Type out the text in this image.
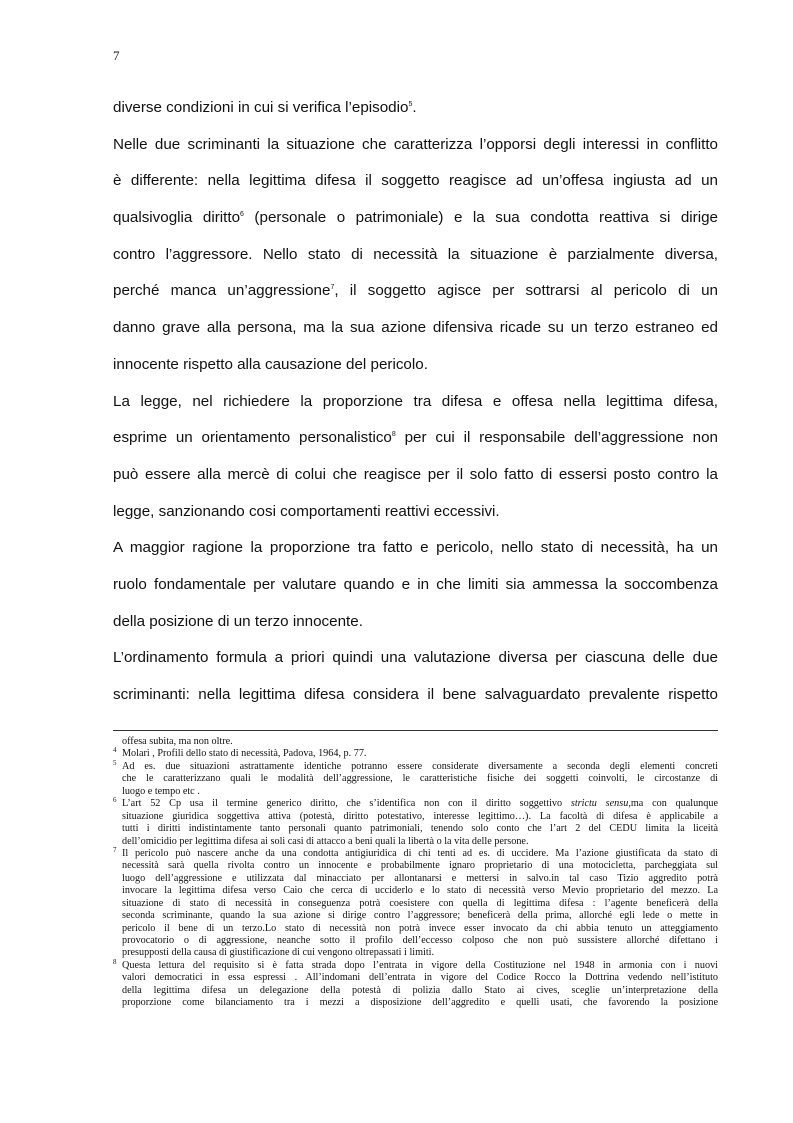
7
diverse condizioni in cui si verifica l’episodio$^5$.
Nelle due scriminanti la situazione che caratterizza l’opporsi degli interessi in conflitto
è differente: nella legittima difesa il soggetto reagisce ad un’offesa ingiusta ad un
qualsivoglia diritto$^6$ (personale o patrimoniale) e la sua condotta reattiva si dirige
contro l’aggressore. Nello stato di necessità la situazione è parzialmente diversa,
perché manca un’aggressione$^7$, il soggetto agisce per sottrarsi al pericolo di un
danno grave alla persona, ma la sua azione difensiva ricade su un terzo estraneo ed
innocente rispetto alla causazione del pericolo.
La legge, nel richiedere la proporzione tra difesa e offesa nella legittima difesa,
esprime un orientamento personalistico$^8$ per cui il responsabile dell’aggressione non
può essere alla mercè di colui che reagisce per il solo fatto di essersi posto contro la
legge, sanzionando cosi comportamenti reattivi eccessivi.
A maggior ragione la proporzione tra fatto e pericolo, nello stato di necessità, ha un
ruolo fondamentale per valutare quando e in che limiti sia ammessa la soccombenza
della posizione di un terzo innocente.
L’ordinamento formula a priori quindi una valutazione diversa per ciascuna delle due
scriminanti: nella legittima difesa considera il bene salvaguardato prevalente rispetto
offesa subita, ma non oltre.
4 Molari , Profili dello stato di necessità, Padova, 1964, p. 77.
5 Ad es. due situazioni astrattamente identiche potranno essere considerate diversamente a seconda degli elementi concreti
che le caratterizzano quali le modalità dell’aggressione, le caratteristiche fisiche dei soggetti coinvolti, le circostanze di
luogo e tempo etc .
6 L’art 52 Cp usa il termine generico diritto, che s’identifica non con il diritto soggettivo strictu sensu,ma con qualunque
situazione giuridica soggettiva attiva (potestà, diritto potestativo, interesse legittimo…). La facoltà di difesa è applicabile a
tutti i diritti indistintamente tanto personali quanto patrimoniali, tenendo solo conto che l’art 2 del CEDU limita la liceità
dell’omicidio per legittima difesa ai soli casi di attacco a beni quali la libertà o la vita delle persone.
7 Il pericolo può nascere anche da una condotta antigiuridica di chi tenti ad es. di uccidere. Ma l’azione giustificata da stato di
necessità sarà quella rivolta contro un innocente e probabilmente ignaro proprietario di una motocicletta, parcheggiata sul
luogo dell’aggressione e utilizzata dal minacciato per allontanarsi e mettersi in salvo.in tal caso Tizio aggredito potrà
invocare la legittima difesa verso Caio che cerca di ucciderlo e lo stato di necessità verso Mevio proprietario del mezzo. La
situazione di stato di necessità in conseguenza potrà coesistere con quella di legittima difesa : l’agente beneficerà della
seconda scriminante, quando la sua azione si dirige contro l’aggressore; beneficerà della prima, allorché egli lede o mette in
pericolo il bene di un terzo.Lo stato di necessità non potrà invece esser invocato da chi abbia tenuto un atteggiamento
provocatorio o di aggressione, neanche sotto il profilo dell’eccesso colposo che non può sussistere allorché difettano i
presupposti della causa di giustificazione di cui vengono oltrepassati i limiti.
8 Questa lettura del requisito si è fatta strada dopo l’entrata in vigore della Costituzione nel 1948 in armonia con i nuovi
valori democratici in essa espressi . All’indomani dell’entrata in vigore del Codice Rocco la Dottrina vedendo nell’istituto
della legittima difesa un delegazione della potestà di polizia dallo Stato ai cives, sceglie un’interpretazione della
proporzione come bilanciamento tra i mezzi a disposizione dell’aggredito e quelli usati, che favorendo la posizione
